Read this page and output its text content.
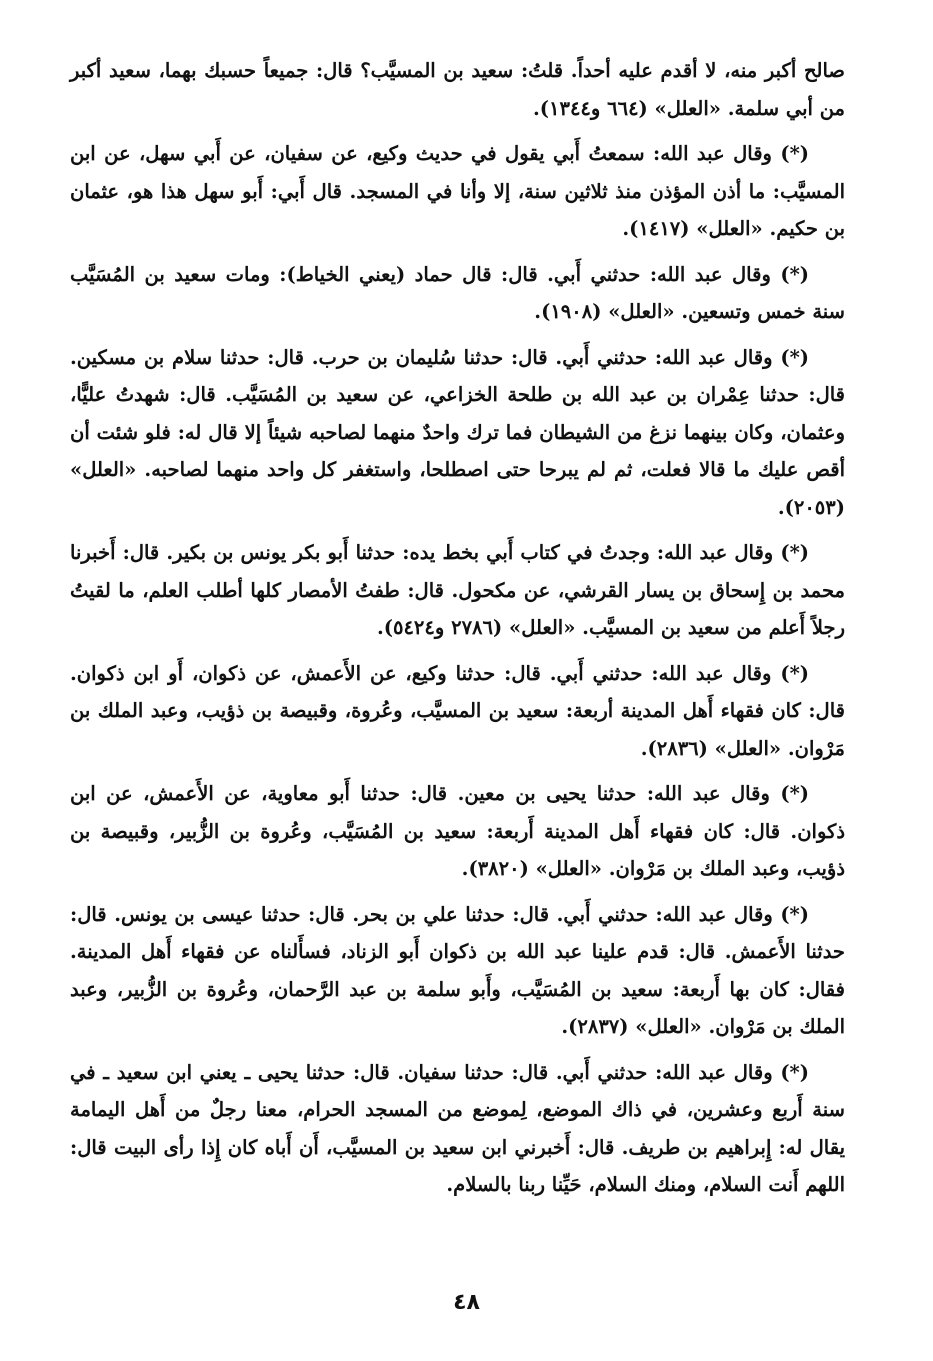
صالح أكبر منه، لا أقدم عليه أحداً. قلتُ: سعيد بن المسيَّب؟ قال: جميعاً حسبك بهما، سعيد أكبر من أبي سلمة. «العلل» (٦٦٤ و١٣٤٤).

(*) وقال عبد الله: سمعتُ أَبي يقول في حديث وكيع، عن سفيان، عن أَبي سهل، عن ابن المسيَّب: ما أذن المؤذن منذ ثلاثين سنة، إلا وأنا في المسجد. قال أَبي: أَبو سهل هذا هو، عثمان بن حكيم. «العلل» (١٤١٧).

(*) وقال عبد الله: حدثني أَبي. قال: قال حماد (يعني الخياط): ومات سعيد بن المُسَيَّب سنة خمس وتسعين. «العلل» (١٩٠٨).

(*) وقال عبد الله: حدثني أَبي. قال: حدثنا سُليمان بن حرب. قال: حدثنا سلام بن مسكين. قال: حدثنا عِمْران بن عبد الله بن طلحة الخزاعي، عن سعيد بن المُسَيَّب. قال: شهدتُ عليًّا، وعثمان، وكان بينهما نزغ من الشيطان فما ترك واحدٌ منهما لصاحبه شيئاً إلا قال له: فلو شئت أن أقص عليك ما قالا فعلت، ثم لم يبرحا حتى اصطلحا، واستغفر كل واحد منهما لصاحبه. «العلل» (٢٠٥٣).

(*) وقال عبد الله: وجدتُ في كتاب أَبي بخط يده: حدثنا أَبو بكر يونس بن بكير. قال: أَخبرنا محمد بن إِسحاق بن يسار القرشي، عن مكحول. قال: طفتُ الأمصار كلها أطلب العلم، ما لقيتُ رجلاً أَعلم من سعيد بن المسيَّب. «العلل» (٢٧٨٦ و٥٤٢٤).

(*) وقال عبد الله: حدثني أَبي. قال: حدثنا وكيع، عن الأَعمش، عن ذكوان، أَو ابن ذكوان. قال: كان فقهاء أَهل المدينة أربعة: سعيد بن المسيَّب، وعُروة، وقبيصة بن ذؤيب، وعبد الملك بن مَرْوان. «العلل» (٢٨٣٦).

(*) وقال عبد الله: حدثنا يحيى بن معين. قال: حدثنا أَبو معاوية، عن الأَعمش، عن ابن ذكوان. قال: كان فقهاء أَهل المدينة أَربعة: سعيد بن المُسَيَّب، وعُروة بن الزُّبير، وقبيصة بن ذؤيب، وعبد الملك بن مَرْوان. «العلل» (٣٨٢٠).

(*) وقال عبد الله: حدثني أَبي. قال: حدثنا علي بن بحر. قال: حدثنا عيسى بن يونس. قال: حدثنا الأَعمش. قال: قدم علينا عبد الله بن ذكوان أَبو الزناد، فسأَلناه عن فقهاء أَهل المدينة. فقال: كان بها أَربعة: سعيد بن المُسَيَّب، وأَبو سلمة بن عبد الرَّحمان، وعُروة بن الزُّبير، وعبد الملك بن مَرْوان. «العلل» (٢٨٣٧).

(*) وقال عبد الله: حدثني أَبي. قال: حدثنا سفيان. قال: حدثنا يحيى ـ يعني ابن سعيد ـ في سنة أَربع وعشرين، في ذاك الموضع، لِموضع من المسجد الحرام، معنا رجلٌ من أَهل اليمامة يقال له: إِبراهيم بن طريف. قال: أَخبرني ابن سعيد بن المسيَّب، أَن أَباه كان إِذا رأى البيت قال: اللهم أَنت السلام، ومنك السلام، حَيِّنا ربنا بالسلام.

٤٨
